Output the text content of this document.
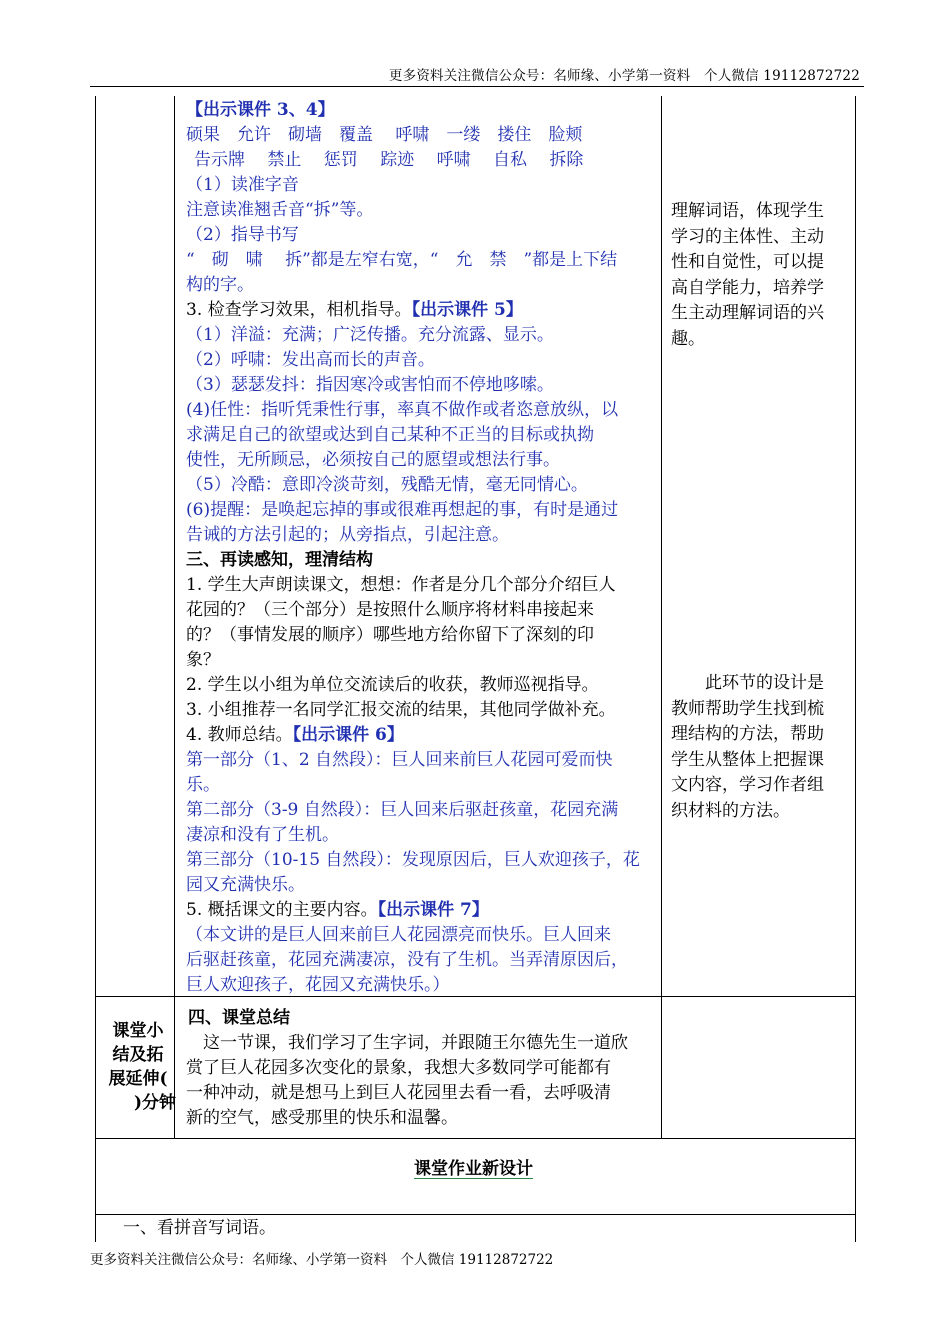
更多资料关注微信公众号：名师缘、小学第一资料　个人微信 19112872722
【出示课件 3、4】
硕果　允许　砌墙　覆盖　 呼啸　一缕　搂住　脸颊
告示牌　 禁止　 惩罚　 踪迹　 呼啸　 自私　 拆除
（1）读准字音
注意读准翘舌音“拆”等。
（2）指导书写
“　砌　啸　 拆”都是左窄右宽，“　允　禁　”都是上下结
构的字。
3. 检查学习效果，相机指导。【出示课件 5】
（1）洋溢：充满；广泛传播。充分流露、显示。
（2）呼啸：发出高而长的声音。
（3）瑟瑟发抖：指因寒冷或害怕而不停地哆嗦。
(4)任性：指听凭秉性行事，率真不做作或者恣意放纵，以
求满足自己的欲望或达到自己某种不正当的目标或执拗
使性，无所顾忌，必须按自己的愿望或想法行事。
（5）冷酷：意即冷淡苛刻，残酷无情，毫无同情心。
(6)提醒：是唤起忘掉的事或很难再想起的事，有时是通过
告诫的方法引起的；从旁指点，引起注意。
三、再读感知，理清结构
1. 学生大声朗读课文，想想：作者是分几个部分介绍巨人
花园的？（三个部分）是按照什么顺序将材料串接起来
的？（事情发展的顺序）哪些地方给你留下了深刻的印
象？
2. 学生以小组为单位交流读后的收获，教师巡视指导。
3. 小组推荐一名同学汇报交流的结果，其他同学做补充。
4. 教师总结。【出示课件 6】
第一部分（1、2 自然段）：巨人回来前巨人花园可爱而快
乐。
第二部分（3-9 自然段）：巨人回来后驱赶孩童，花园充满
凄凉和没有了生机。
第三部分（10-15 自然段）：发现原因后，巨人欢迎孩子，花
园又充满快乐。
5. 概括课文的主要内容。【出示课件 7】
（本文讲的是巨人回来前巨人花园漂亮而快乐。巨人回来
后驱赶孩童，花园充满凄凉，没有了生机。当弄清原因后，
巨人欢迎孩子，花园又充满快乐。）
理解词语，体现学生
学习的主体性、主动
性和自觉性，可以提
高自学能力，培养学
生主动理解词语的兴
趣。
　　此环节的设计是
教师帮助学生找到梳
理结构的方法，帮助
学生从整体上把握课
文内容，学习作者组
织材料的方法。
课堂小
结及拓
展延伸(
)分钟
四、课堂总结
　这一节课，我们学习了生字词，并跟随王尔德先生一道欣
赏了巨人花园多次变化的景象，我想大多数同学可能都有
一种冲动，就是想马上到巨人花园里去看一看，去呼吸清
新的空气，感受那里的快乐和温馨。
课堂作业新设计
　一、看拼音写词语。
更多资料关注微信公众号：名师缘、小学第一资料　个人微信 19112872722
